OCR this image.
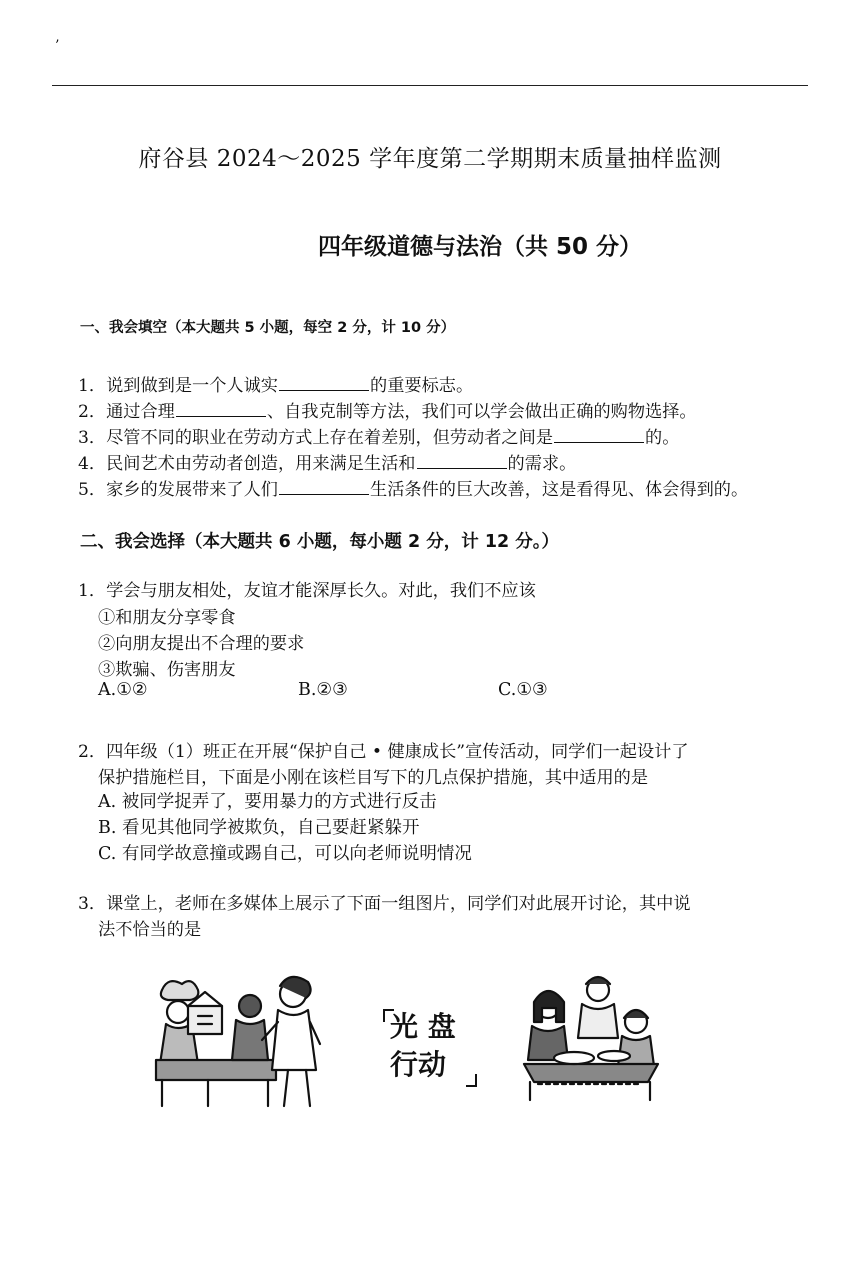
’
府谷县 2024～2025 学年度第二学期期末质量抽样监测
四年级道德与法治（共 50 分）
一、我会填空（本大题共 5 小题，每空 2 分，计 10 分）
1．说到做到是一个人诚实	的重要标志。
2．通过合理	、自我克制等方法，我们可以学会做出正确的购物选择。
3．尽管不同的职业在劳动方式上存在着差别，但劳动者之间是	的。
4．民间艺术由劳动者创造，用来满足生活和	的需求。
5．家乡的发展带来了人们	生活条件的巨大改善，这是看得见、体会得到的。
二、我会选择（本大题共 6 小题，每小题 2 分，计 12 分。）
1．学会与朋友相处，友谊才能深厚长久。对此，我们不应该
①和朋友分享零食
②向朋友提出不合理的要求
③欺骗、伤害朋友
A.①②	B.②③	C.①③
2．四年级（1）班正在开展“保护自己 • 健康成长”宣传活动，同学们一起设计了
保护措施栏目，下面是小刚在该栏目写下的几点保护措施，其中适用的是
A. 被同学捉弄了，要用暴力的方式进行反击
B. 看见其他同学被欺负，自己要赶紧躲开
C. 有同学故意撞或踢自己，可以向老师说明情况
3．课堂上，老师在多媒体上展示了下面一组图片，同学们对此展开讨论，其中说
法不恰当的是
光 盘
行动
